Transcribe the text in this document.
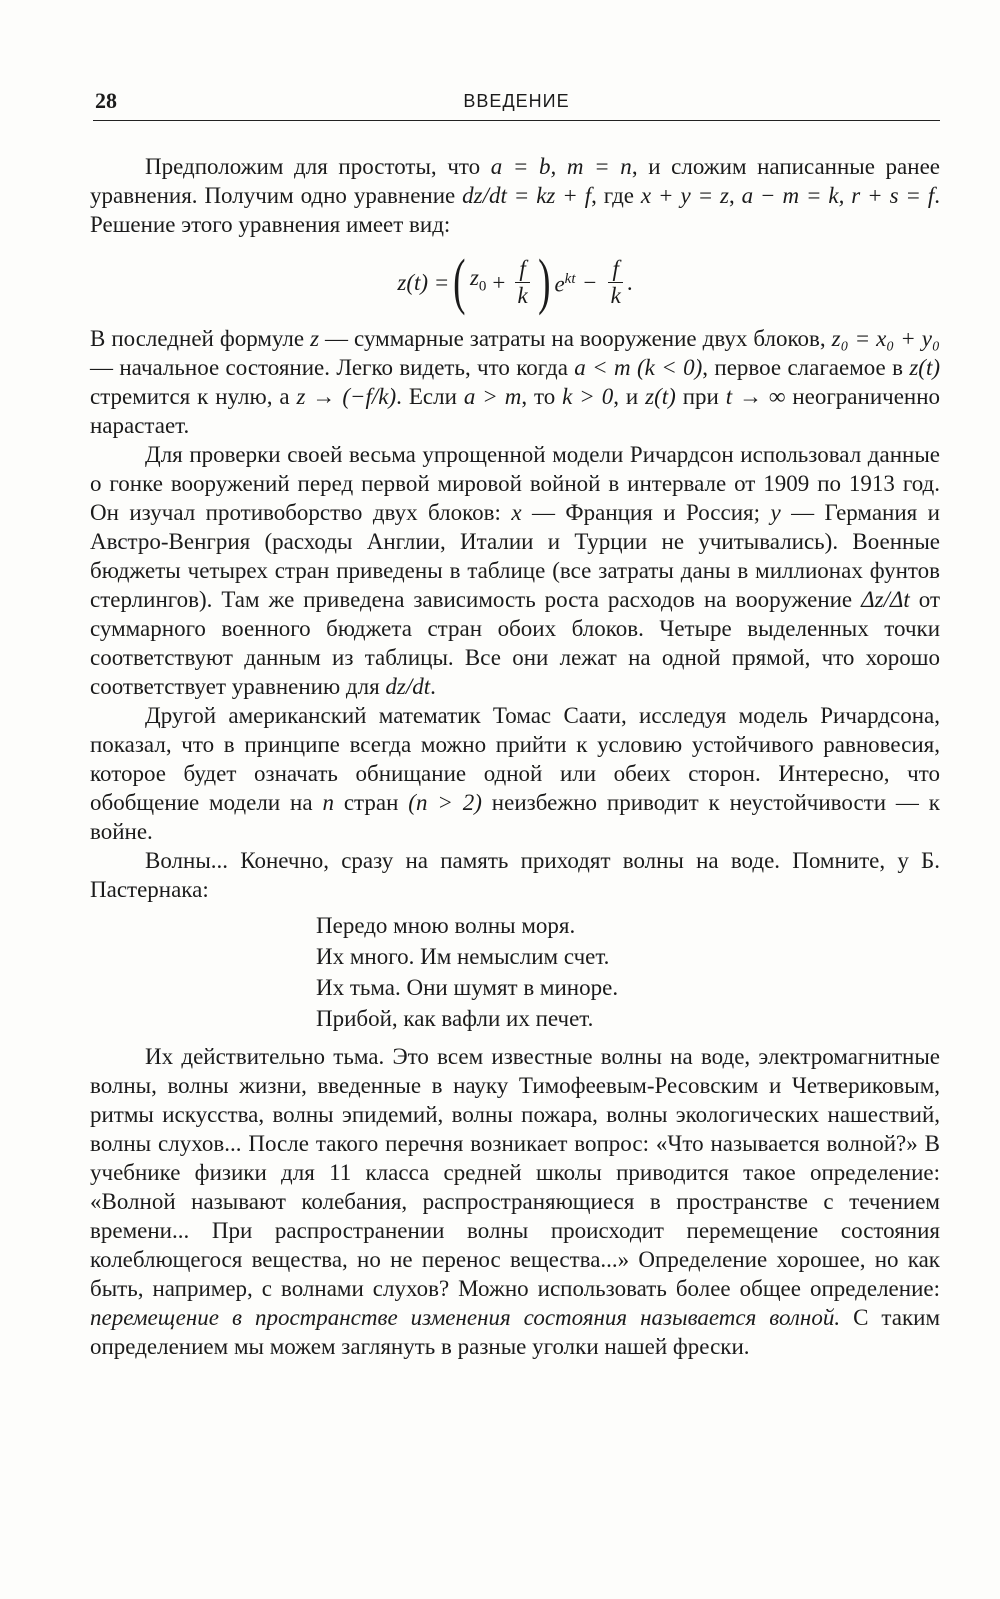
28	ВВЕДЕНИЕ

Предположим для простоты, что a = b, m = n, и сложим написанные ранее уравнения. Получим одно уравнение dz/dt = kz + f, где x + y = z, a − m = k, r + s = f. Решение этого уравнения имеет вид:

z(t) = ( $z_0 + \frac{f}{k}$ ) $e^{kt} - \frac{f}{k}$ .

В последней формуле z — суммарные затраты на вооружение двух блоков, z₀ = x₀ + y₀ — начальное состояние. Легко видеть, что когда a < m (k < 0), первое слагаемое в z(t) стремится к нулю, а z → (−f/k). Если a > m, то k > 0, и z(t) при t → ∞ неограниченно нарастает.

Для проверки своей весьма упрощенной модели Ричардсон использовал данные о гонке вооружений перед первой мировой войной в интервале от 1909 по 1913 год. Он изучал противоборство двух блоков: x — Франция и Россия; y — Германия и Австро-Венгрия (расходы Англии, Италии и Турции не учитывались). Военные бюджеты четырех стран приведены в таблице (все затраты даны в миллионах фунтов стерлингов). Там же приведена зависимость роста расходов на вооружение Δz/Δt от суммарного военного бюджета стран обоих блоков. Четыре выделенных точки соответствуют данным из таблицы. Все они лежат на одной прямой, что хорошо соответствует уравнению для dz/dt.

Другой американский математик Томас Саати, исследуя модель Ричардсона, показал, что в принципе всегда можно прийти к условию устойчивого равновесия, которое будет означать обнищание одной или обеих сторон. Интересно, что обобщение модели на n стран (n > 2) неизбежно приводит к неустойчивости — к войне.

Волны... Конечно, сразу на память приходят волны на воде. Помните, у Б. Пастернака:

Передо мною волны моря.
Их много. Им немыслим счет.
Их тьма. Они шумят в миноре.
Прибой, как вафли их печет.

Их действительно тьма. Это всем известные волны на воде, электромагнитные волны, волны жизни, введенные в науку Тимофеевым-Ресовским и Четвериковым, ритмы искусства, волны эпидемий, волны пожара, волны экологических нашествий, волны слухов... После такого перечня возникает вопрос: «Что называется волной?» В учебнике физики для 11 класса средней школы приводится такое определение: «Волной называют колебания, распространяющиеся в пространстве с течением времени... При распространении волны происходит перемещение состояния колеблющегося вещества, но не перенос вещества...» Определение хорошее, но как быть, например, с волнами слухов? Можно использовать более общее определение: перемещение в пространстве изменения состояния называется волной. С таким определением мы можем заглянуть в разные уголки нашей фрески.
